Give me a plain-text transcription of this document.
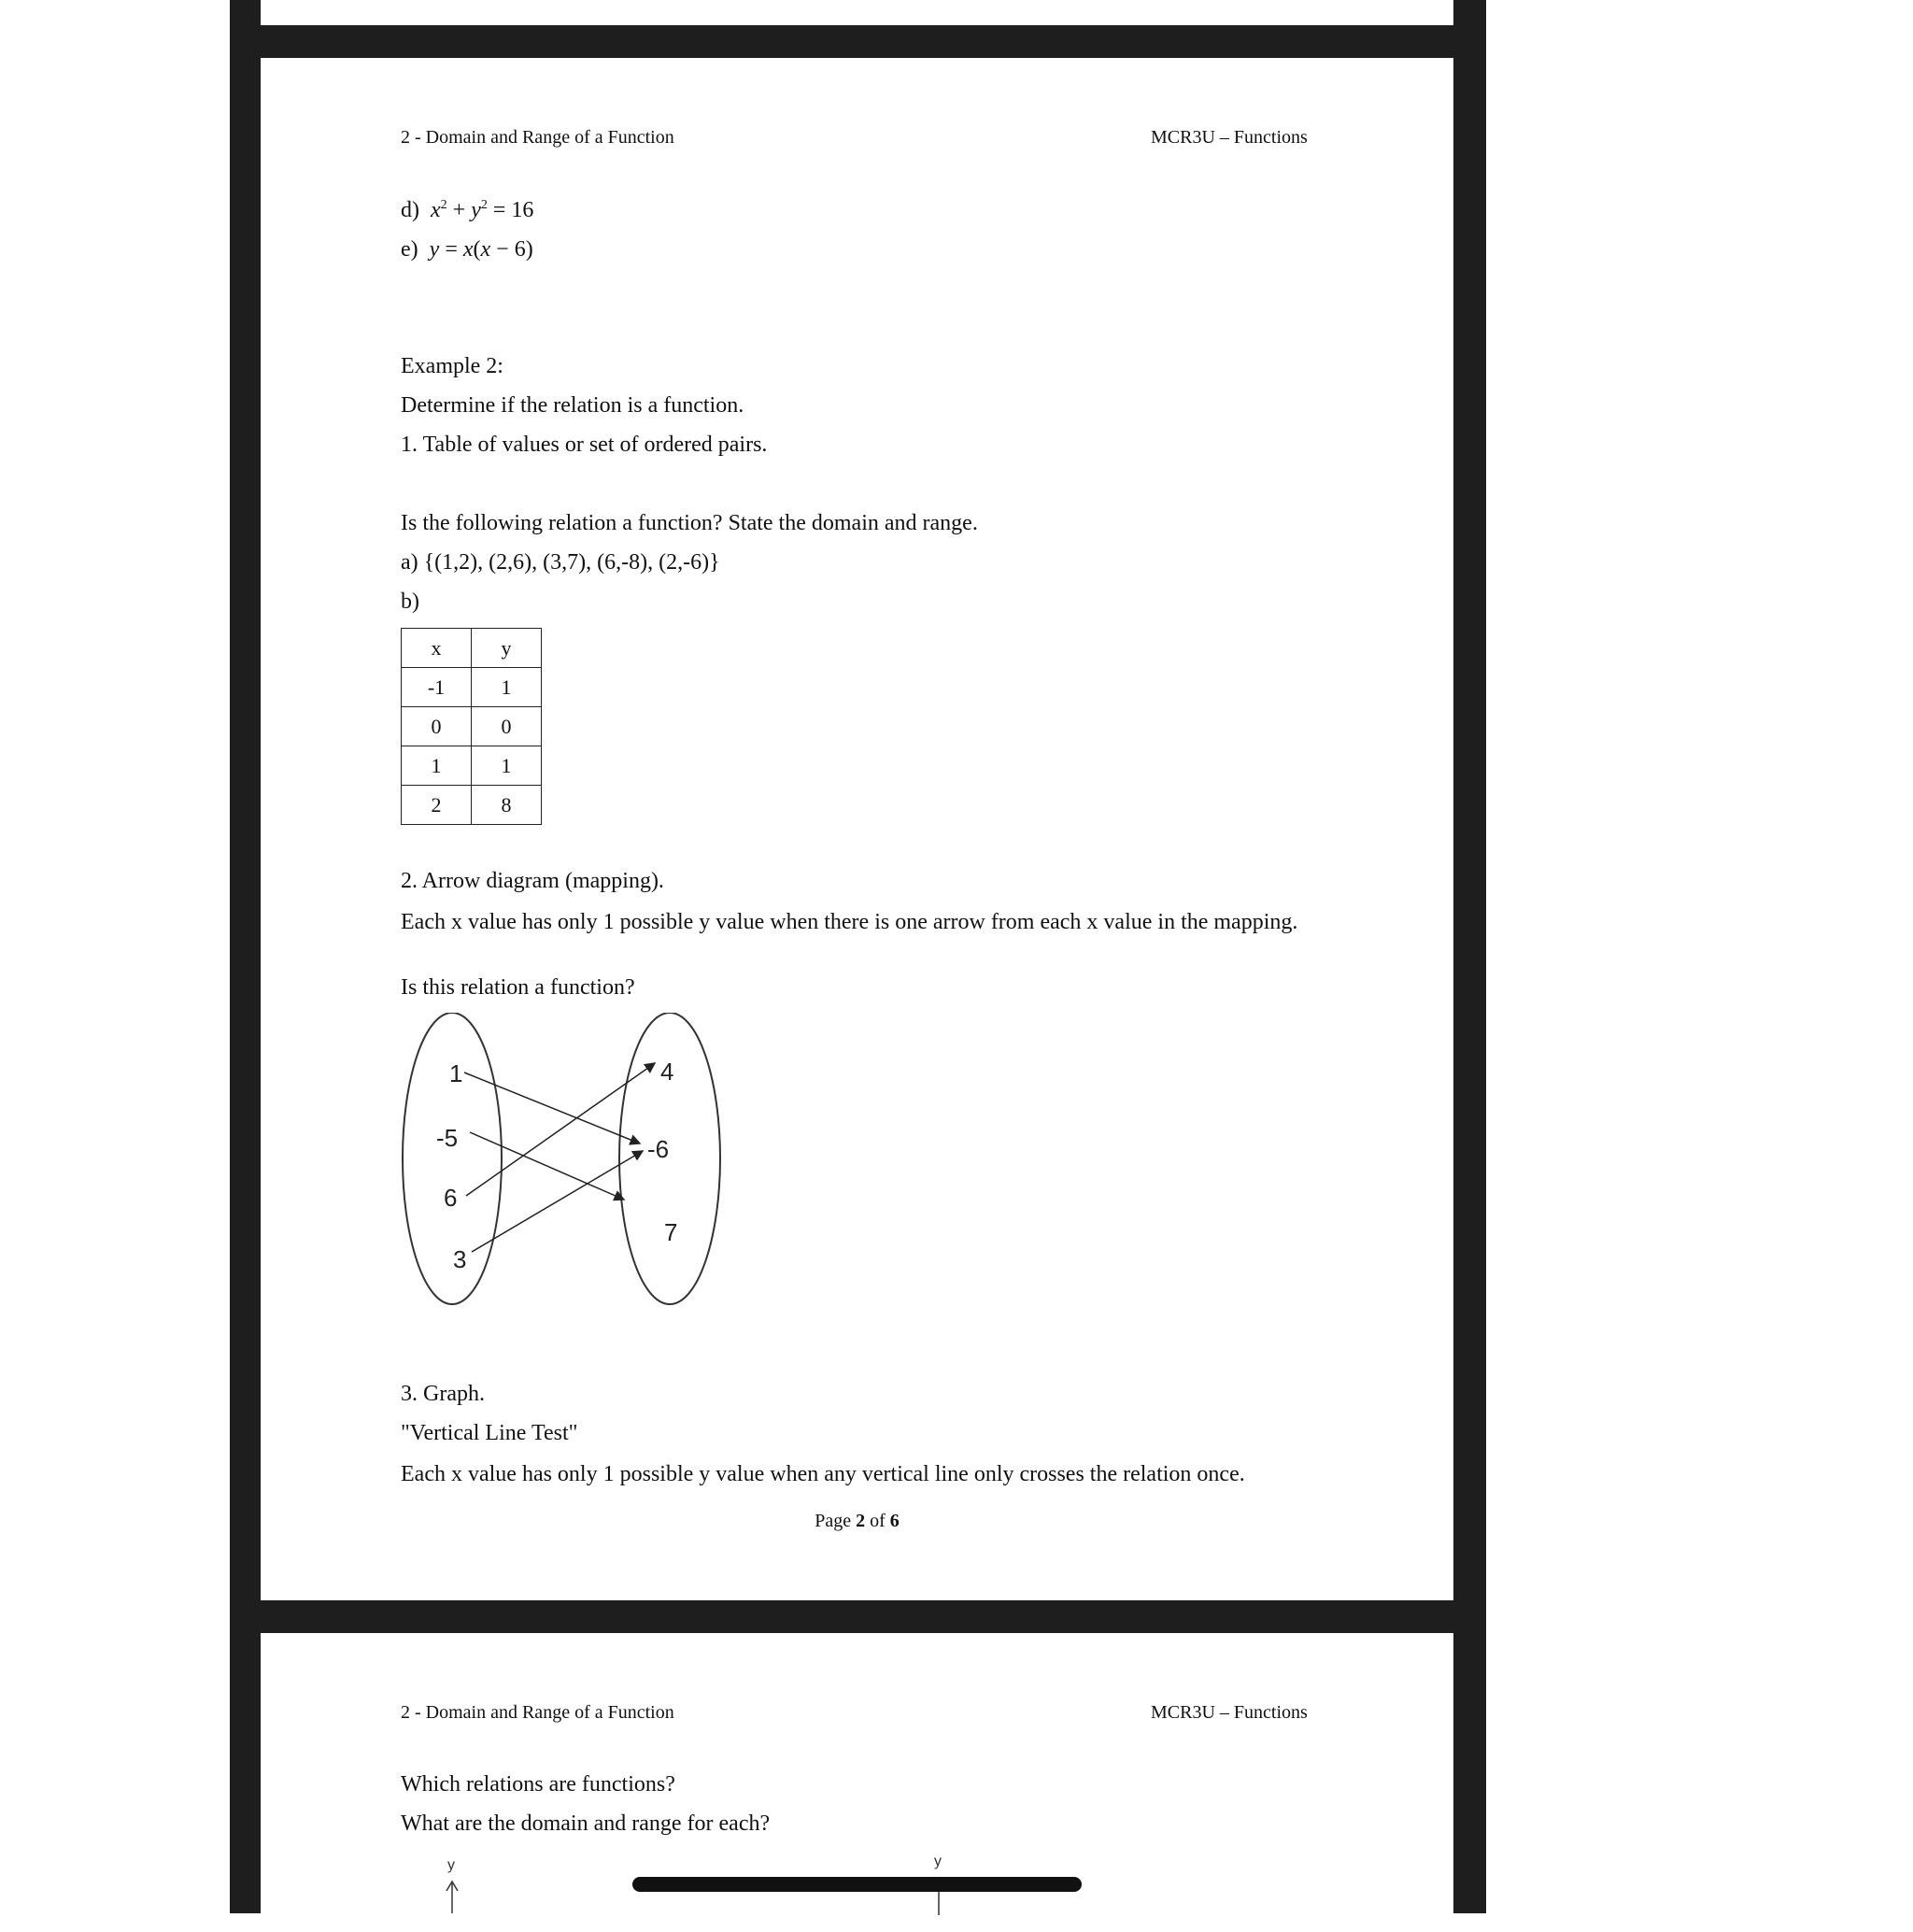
2 - Domain and Range of a Function	MCR3U – Functions
d) $x^2 + y^2 = 16$
e) y = x(x − 6)
Example 2:
Determine if the relation is a function.
1. Table of values or set of ordered pairs.
Is the following relation a function? State the domain and range.
a) {(1,2), (2,6), (3,7), (6,-8), (2,-6)}
b)
x	y
-1	1
0	0
1	1
2	8
2. Arrow diagram (mapping).
Each x value has only 1 possible y value when there is one arrow from each x value in the mapping.
Is this relation a function?
1
-5
6
3
4
-6
7
3. Graph.
"Vertical Line Test"
Each x value has only 1 possible y value when any vertical line only crosses the relation once.
Page 2 of 6
2 - Domain and Range of a Function	MCR3U – Functions
Which relations are functions?
What are the domain and range for each?
y	y
